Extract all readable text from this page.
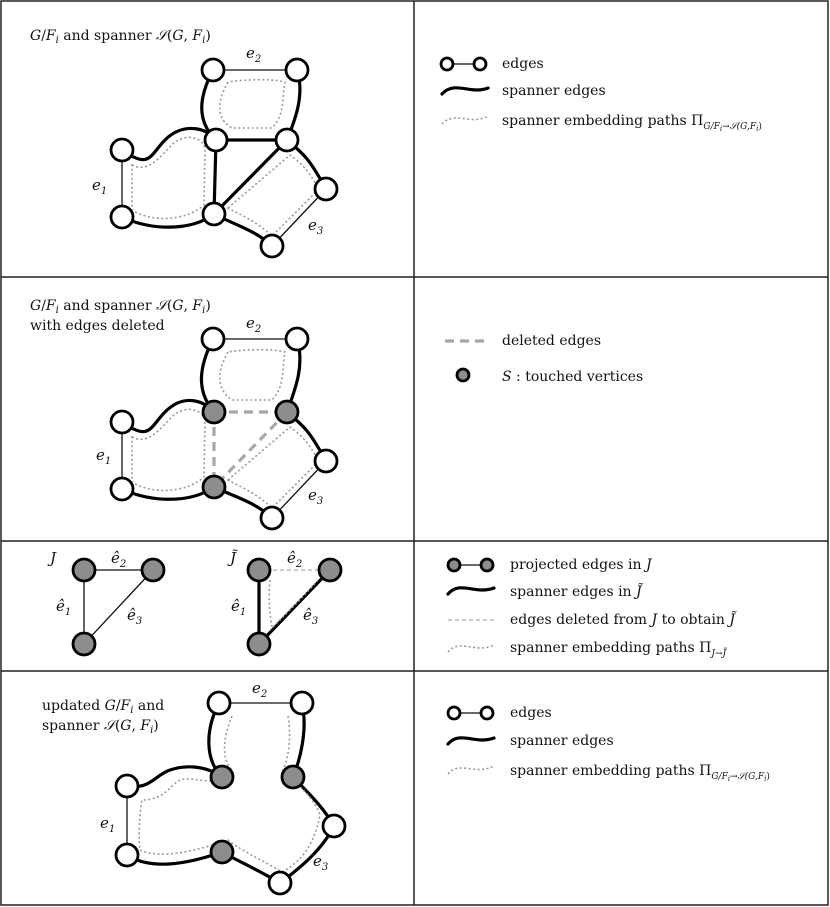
$G/F_i$ and spanner 𝒮(G, $F_i$)
$e_2$
$e_1$
$e_3$
edges
spanner edges
spanner embedding paths $\Pi_{G/F}i\to 𝒮(G,Fi)$
$G/F_i$ and spanner 𝒮(G, $F_i$)
with edges deleted	$e_2$
$e_1$
$e_3$
deleted edges
S : touched vertices
J	$ê_2$
$ê_1$	$ê_3$
J̃	$ê_2$
$ê_1$	$ê_3$
projected edges in J
spanner edges in J̃
edges deleted from J to obtain J̃
spanner embedding paths $\Pi_J\to J̃$
updated $G/F_i$ and
spanner 𝒮(G, $F_i$)
$e_2$
$e_1$
$e_3$
edges
spanner edges
spanner embedding paths $\Pi_{G/F}i\to 𝒮(G,Fi)$
